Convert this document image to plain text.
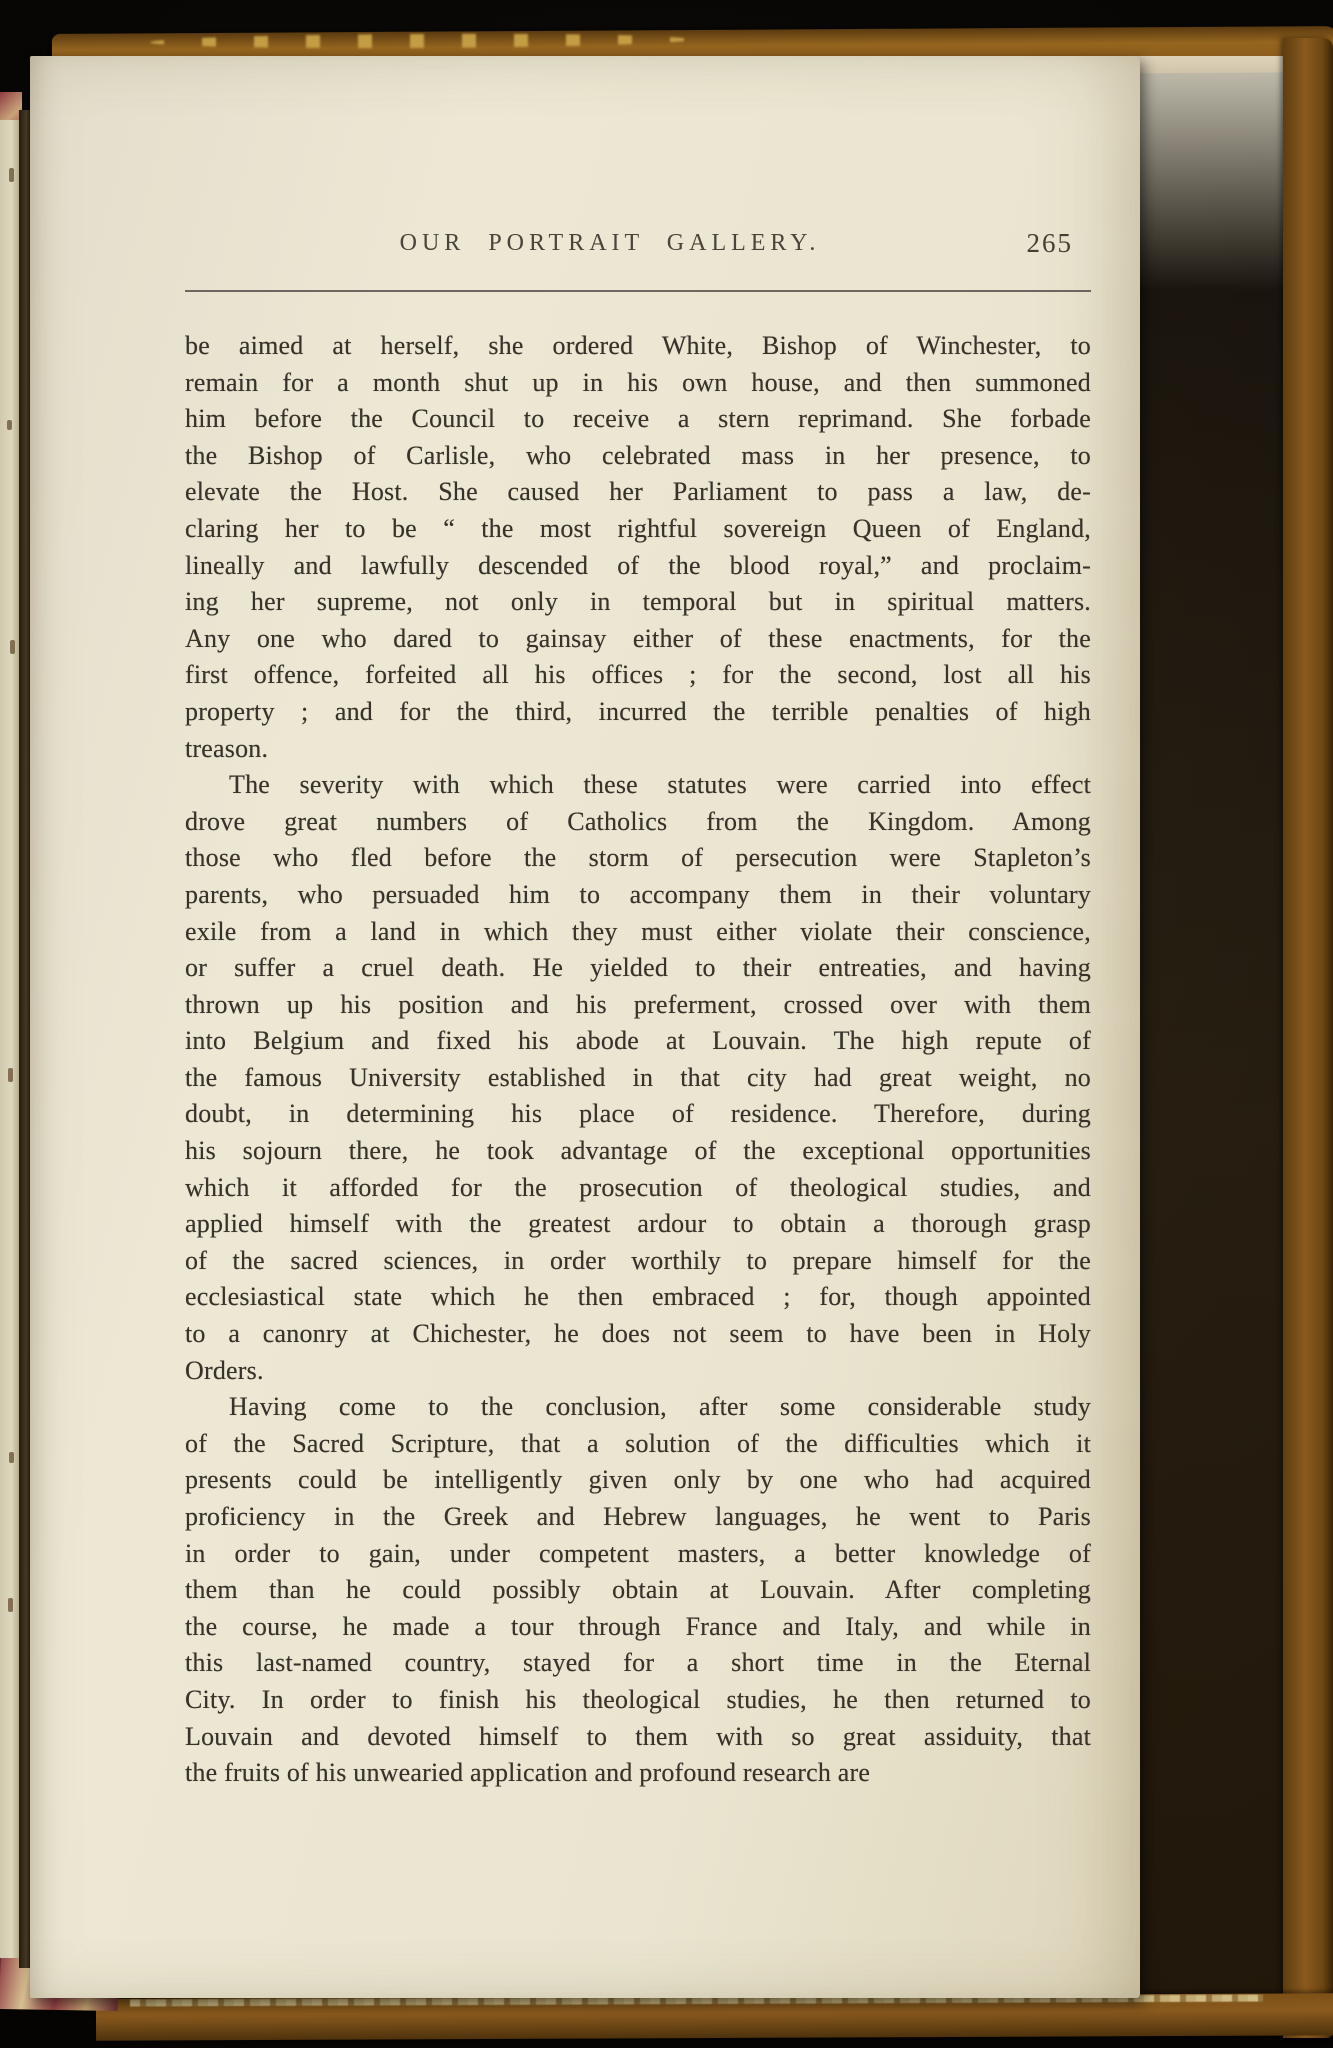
OUR PORTRAIT GALLERY.	265
be aimed at herself, she ordered White, Bishop of Winchester, to
remain for a month shut up in his own house, and then summoned
him before the Council to receive a stern reprimand. She forbade
the Bishop of Carlisle, who celebrated mass in her presence, to
elevate the Host. She caused her Parliament to pass a law, de-
claring her to be “ the most rightful sovereign Queen of England,
lineally and lawfully descended of the blood royal,” and proclaim-
ing her supreme, not only in temporal but in spiritual matters.
Any one who dared to gainsay either of these enactments, for the
first offence, forfeited all his offices ; for the second, lost all his
property ; and for the third, incurred the terrible penalties of high
treason.
The severity with which these statutes were carried into effect
drove great numbers of Catholics from the Kingdom. Among
those who fled before the storm of persecution were Stapleton’s
parents, who persuaded him to accompany them in their voluntary
exile from a land in which they must either violate their conscience,
or suffer a cruel death. He yielded to their entreaties, and having
thrown up his position and his preferment, crossed over with them
into Belgium and fixed his abode at Louvain. The high repute of
the famous University established in that city had great weight, no
doubt, in determining his place of residence. Therefore, during
his sojourn there, he took advantage of the exceptional opportunities
which it afforded for the prosecution of theological studies, and
applied himself with the greatest ardour to obtain a thorough grasp
of the sacred sciences, in order worthily to prepare himself for the
ecclesiastical state which he then embraced ; for, though appointed
to a canonry at Chichester, he does not seem to have been in Holy
Orders.
Having come to the conclusion, after some considerable study
of the Sacred Scripture, that a solution of the difficulties which it
presents could be intelligently given only by one who had acquired
proficiency in the Greek and Hebrew languages, he went to Paris
in order to gain, under competent masters, a better knowledge of
them than he could possibly obtain at Louvain. After completing
the course, he made a tour through France and Italy, and while in
this last-named country, stayed for a short time in the Eternal
City. In order to finish his theological studies, he then returned to
Louvain and devoted himself to them with so great assiduity, that
the fruits of his unwearied application and profound research are
